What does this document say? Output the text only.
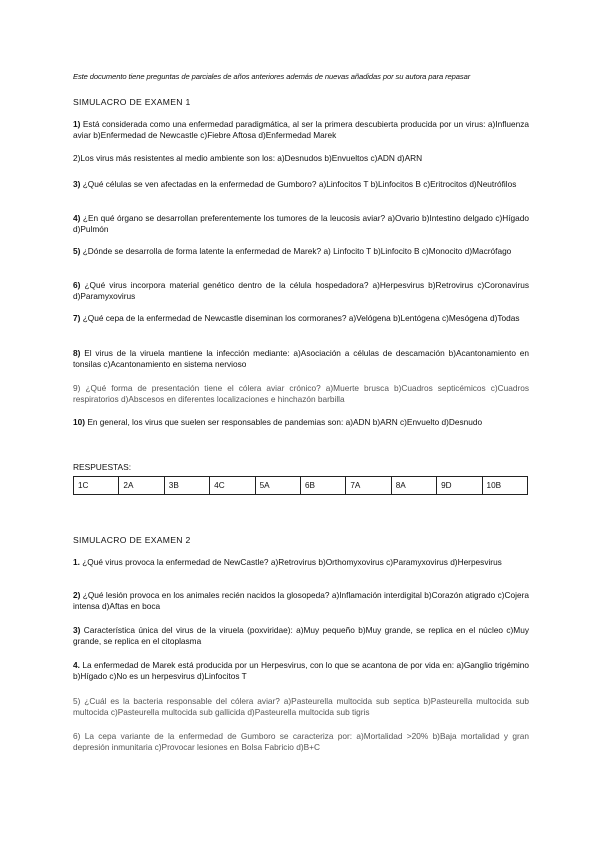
Este documento tiene preguntas de parciales de años anteriores además de nuevas añadidas por su autora para repasar
SIMULACRO DE EXAMEN 1
1) Está considerada como una enfermedad paradigmática, al ser la primera descubierta producida por un virus: a)Influenza aviar b)Enfermedad de Newcastle c)Fiebre Aftosa d)Enfermedad Marek
2)Los virus más resistentes al medio ambiente son los: a)Desnudos b)Envueltos c)ADN d)ARN
3) ¿Qué células se ven afectadas en la enfermedad de Gumboro? a)Linfocitos T b)Linfocitos B c)Eritrocitos d)Neutrófilos
4) ¿En qué órgano se desarrollan preferentemente los tumores de la leucosis aviar? a)Ovario b)Intestino delgado c)Hígado d)Pulmón
5) ¿Dónde se desarrolla de forma latente la enfermedad de Marek? a) Linfocito T b)Linfocito B c)Monocito d)Macrófago
6) ¿Qué virus incorpora material genético dentro de la célula hospedadora? a)Herpesvirus b)Retrovirus c)Coronavirus d)Paramyxovirus
7) ¿Qué cepa de la enfermedad de Newcastle diseminan los cormoranes? a)Velógena b)Lentógena c)Mesógena d)Todas
8) El virus de la viruela mantiene la infección mediante: a)Asociación a células de descamación b)Acantonamiento en tonsilas c)Acantonamiento en sistema nervioso
9) ¿Qué forma de presentación tiene el cólera aviar crónico? a)Muerte brusca b)Cuadros septicémicos c)Cuadros respiratorios d)Abscesos en diferentes localizaciones e hinchazón barbilla
10) En general, los virus que suelen ser responsables de pandemias son: a)ADN b)ARN c)Envuelto d)Desnudo
RESPUESTAS:
1C	2A	3B	4C	5A	6B	7A	8A	9D	10B
SIMULACRO DE EXAMEN 2
1. ¿Qué virus provoca la enfermedad de NewCastle? a)Retrovirus b)Orthomyxovirus c)Paramyxovirus d)Herpesvirus
2) ¿Qué lesión provoca en los animales recién nacidos la glosopeda? a)Inflamación interdigital b)Corazón atigrado c)Cojera intensa d)Aftas en boca
3) Característica única del virus de la viruela (poxviridae): a)Muy pequeño b)Muy grande, se replica en el núcleo c)Muy grande, se replica en el citoplasma
4. La enfermedad de Marek está producida por un Herpesvirus, con lo que se acantona de por vida en: a)Ganglio trigémino b)Hígado c)No es un herpesvirus d)Linfocitos T
5) ¿Cuál es la bacteria responsable del cólera aviar? a)Pasteurella multocida sub septica b)Pasteurella multocida sub multocida c)Pasteurella multocida sub gallicida d)Pasteurella multocida sub tigris
6) La cepa variante de la enfermedad de Gumboro se caracteriza por: a)Mortalidad >20% b)Baja mortalidad y gran depresión inmunitaria c)Provocar lesiones en Bolsa Fabricio d)B+C
